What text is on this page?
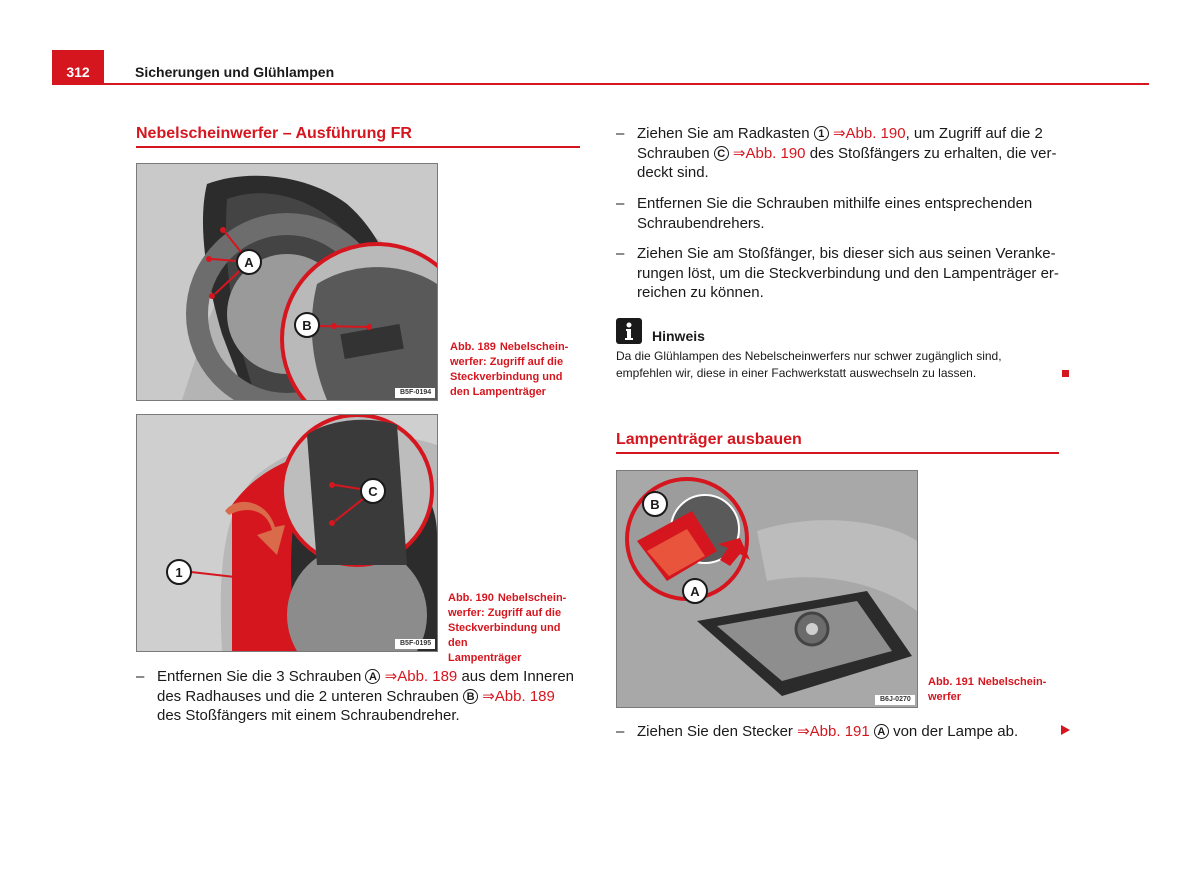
312	Sicherungen und Glühlampen
Nebelscheinwerfer – Ausführung FR
A
B
B5F-0194
Abb. 189 Nebelschein-
werfer: Zugriff auf die
Steckverbindung und
den Lampenträger
C
1
B5F-0195
Abb. 190 Nebelschein-
werfer: Zugriff auf die
Steckverbindung und den
Lampenträger
– Entfernen Sie die 3 Schrauben A ⇒Abb. 189 aus dem Inneren
des Radhauses und die 2 unteren Schrauben B ⇒Abb. 189
des Stoßfängers mit einem Schraubendreher.
– Ziehen Sie am Radkasten 1 ⇒Abb. 190, um Zugriff auf die 2
Schrauben C ⇒Abb. 190 des Stoßfängers zu erhalten, die ver-
deckt sind.
– Entfernen Sie die Schrauben mithilfe eines entsprechenden
Schraubendrehers.
– Ziehen Sie am Stoßfänger, bis dieser sich aus seinen Veranke-
rungen löst, um die Steckverbindung und den Lampenträger er-
reichen zu können.
Hinweis
Da die Glühlampen des Nebelscheinwerfers nur schwer zugänglich sind,
empfehlen wir, diese in einer Fachwerkstatt auswechseln zu lassen.
Lampenträger ausbauen
B
A
B6J-0270
Abb. 191 Nebelschein-
werfer
– Ziehen Sie den Stecker ⇒Abb. 191 A von der Lampe ab.
